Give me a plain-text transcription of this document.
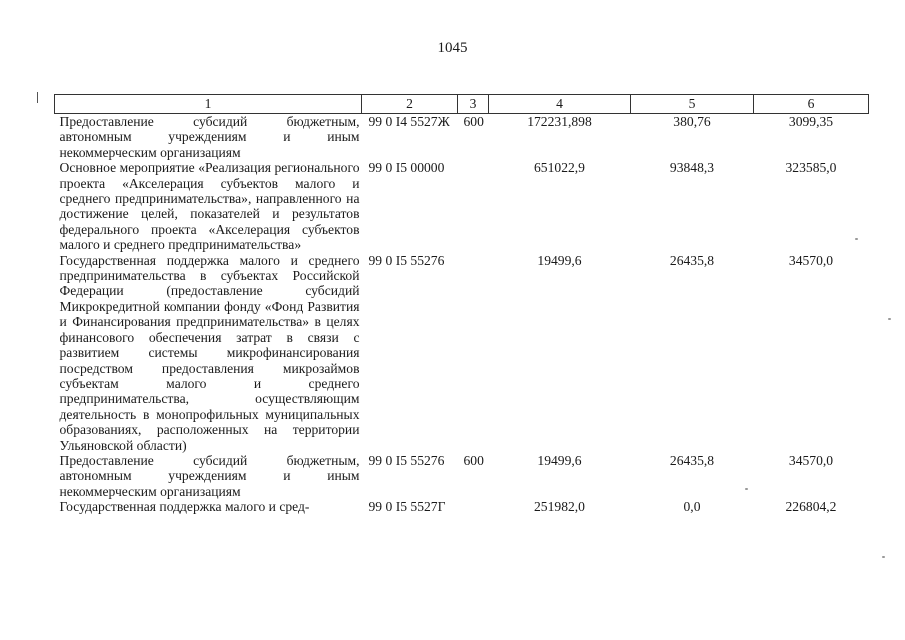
1045
1	2	3	4	5	6
Предоставление субсидий бюджетным, автономным учреждениям и иным некоммерческим организациям	99 0 I4 5527Ж	600	172231,898	380,76	3099,35
Основное мероприятие «Реализация регионального проекта «Акселерация субъектов малого и среднего предпринимательства», направленного на достижение целей, показателей и результатов федерального проекта «Акселерация субъектов малого и среднего предпринимательства»	99 0 I5 00000		651022,9	93848,3	323585,0
Государственная поддержка малого и среднего предпринимательства в субъектах Российской Федерации (предоставление субсидий Микрокредитной компании фонду «Фонд Развития и Финансирования предпринимательства» в целях финансового обеспечения затрат в связи с развитием системы микрофинансирования посредством предоставления микрозаймов субъектам малого и среднего предпринимательства, осуществляющим деятельность в монопрофильных муниципальных образованиях, расположенных на территории Ульяновской области)	99 0 I5 55276		19499,6	26435,8	34570,0
Предоставление субсидий бюджетным, автономным учреждениям и иным некоммерческим организациям	99 0 I5 55276	600	19499,6	26435,8	34570,0
Государственная поддержка малого и сред-	99 0 I5 5527Г		251982,0	0,0	226804,2
